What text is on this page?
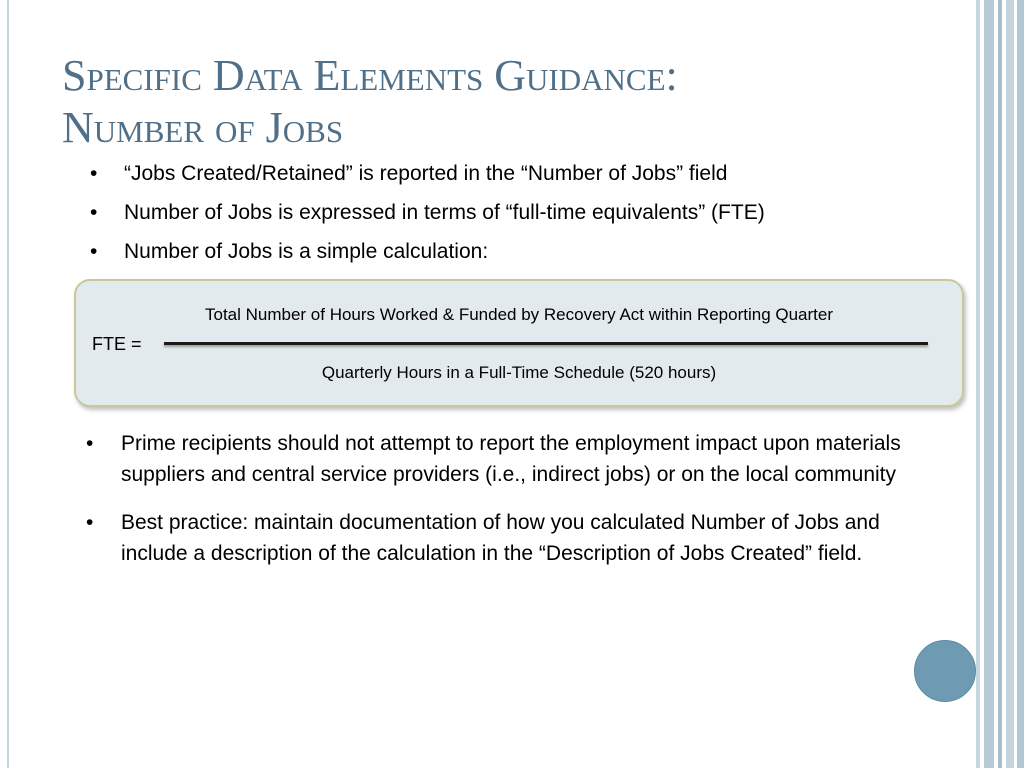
Specific Data Elements Guidance:
Number of Jobs
• “Jobs Created/Retained” is reported in the “Number of Jobs” field
• Number of Jobs is expressed in terms of “full-time equivalents” (FTE)
• Number of Jobs is a simple calculation:
Total Number of Hours Worked & Funded by Recovery Act within Reporting Quarter
FTE =
Quarterly Hours in a Full-Time Schedule (520 hours)
• Prime recipients should not attempt to report the employment impact upon materials suppliers and central service providers (i.e., indirect jobs) or on the local community
• Best practice: maintain documentation of how you calculated Number of Jobs and include a description of the calculation in the “Description of Jobs Created” field.
